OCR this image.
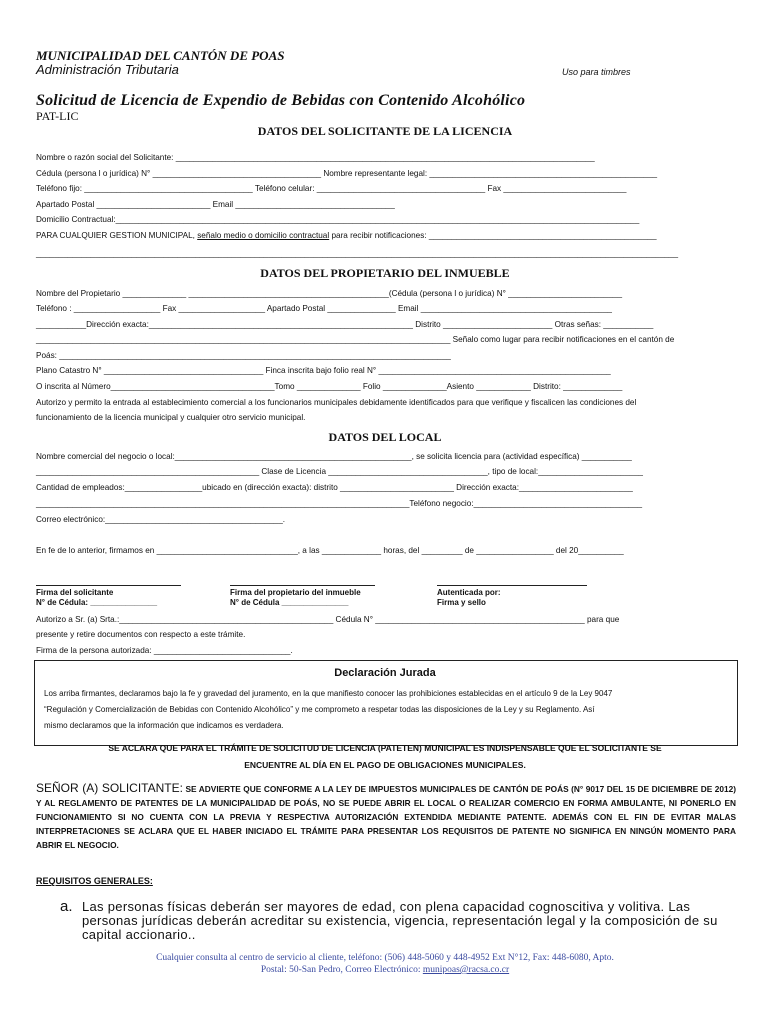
MUNICIPALIDAD DEL CANTÓN DE POAS
Administración Tributaria	Uso para timbres
Solicitud de Licencia de Expendio de Bebidas con Contenido Alcohólico
PAT-LIC
DATOS DEL SOLICITANTE DE LA LICENCIA
Nombre o razón social del Solicitante: ____________________________________________________________________________________________
Cédula (persona l o jurídica) N° _____________________________________ Nombre representante legal: __________________________________________________
Teléfono fijo: _____________________________________ Teléfono celular: _____________________________________ Fax ___________________________
Apartado Postal _________________________ Email ___________________________________
Domicilio Contractual:___________________________________________________________________________________________________________________
PARA CUALQUIER GESTION MUNICIPAL, señalo medio o domicilio contractual para recibir notificaciones: __________________________________________________
_____________________________________________________________________________________________________________________________________________
DATOS DEL PROPIETARIO DEL INMUEBLE
Nombre del Propietario ______________ ____________________________________________(Cédula (persona l o jurídica) N° _________________________
Teléfono : ___________________ Fax ___________________ Apartado Postal _______________ Email __________________________________________
___________Dirección exacta:__________________________________________________________ Distrito ________________________ Otras señas: ___________
___________________________________________________________________________________________ Señalo como lugar para recibir notificaciones en el cantón de
Poás: ______________________________________________________________________________________
Plano Catastro N° ___________________________________ Finca inscrita bajo folio real N° ___________________________________________________
O inscrita al Número____________________________________Tomo ______________ Folio ______________Asiento ____________ Distrito: _____________
Autorizo y permito la entrada al establecimiento comercial a los funcionarios municipales debidamente identificados para que verifique y fiscalicen las condiciones del
funcionamiento de la licencia municipal y cualquier otro servicio municipal.
DATOS DEL LOCAL
Nombre comercial del negocio o local:____________________________________________________, se solicita licencia para (actividad específica) ___________
_________________________________________________ Clase de Licencia ___________________________________, tipo de local:_______________________
Cantidad de empleados:_________________ubicado en (dirección exacta): distrito _________________________ Dirección exacta:_________________________
__________________________________________________________________________________Teléfono negocio:_____________________________________
Correo electrónico:_______________________________________.
En fe de lo anterior, firmamos en _______________________________, a las _____________ horas, del _________ de _________________ del 20__________
Firma del solicitante
N° de Cédula: _______________
Firma del propietario del inmueble
N° de Cédula _______________
Autenticada por:
Firma y sello
Autorizo a Sr. (a) Srta.:_______________________________________________ Cédula N° ______________________________________________ para que
presente y retire documentos con respecto a este trámite.
Firma de la persona autorizada: ______________________________.
Declaración Jurada
Los arriba firmantes, declaramos bajo la fe y gravedad del juramento, en la que manifiesto conocer las prohibiciones establecidas en el artículo 9 de la Ley 9047
“Regulación y Comercialización de Bebidas con Contenido Alcohólico” y me comprometo a respetar todas las disposiciones de la Ley y su Reglamento. Así
mismo declaramos que la información que indicamos es verdadera.
SE ACLARA QUE PARA EL TRÁMITE DE SOLICITUD DE LICENCIA (PATETEN) MUNICIPAL ES INDISPENSABLE QUE EL SOLICITANTE SE
ENCUENTRE AL DÍA EN EL PAGO DE OBLIGACIONES MUNICIPALES.
SEÑOR (A) SOLICITANTE: SE ADVIERTE QUE CONFORME A LA LEY DE IMPUESTOS MUNICIPALES DE CANTÓN DE POÁS (N° 9017 DEL 15 DE DICIEMBRE DE 2012) Y AL REGLAMENTO DE PATENTES DE LA MUNICIPALIDAD DE POÁS, NO SE PUEDE ABRIR EL LOCAL O REALIZAR COMERCIO EN FORMA AMBULANTE, NI PONERLO EN FUNCIONAMIENTO SI NO CUENTA CON LA PREVIA Y RESPECTIVA AUTORIZACIÓN EXTENDIDA MEDIANTE PATENTE. ADEMÁS CON EL FIN DE EVITAR MALAS INTERPRETACIONES SE ACLARA QUE EL HABER INICIADO EL TRÁMITE PARA PRESENTAR LOS REQUISITOS DE PATENTE NO SIGNIFICA EN NINGÚN MOMENTO PARA ABRIR EL NEGOCIO.
REQUISITOS GENERALES:
a. Las personas físicas deberán ser mayores de edad, con plena capacidad cognoscitiva y volitiva. Las personas jurídicas deberán acreditar su existencia, vigencia, representación legal y la composición de su capital accionario..
Cualquier consulta al centro de servicio al cliente, teléfono: (506) 448-5060 y 448-4952 Ext N°12, Fax: 448-6080, Apto.
Postal: 50-San Pedro, Correo Electrónico: munipoas@racsa.co.cr
